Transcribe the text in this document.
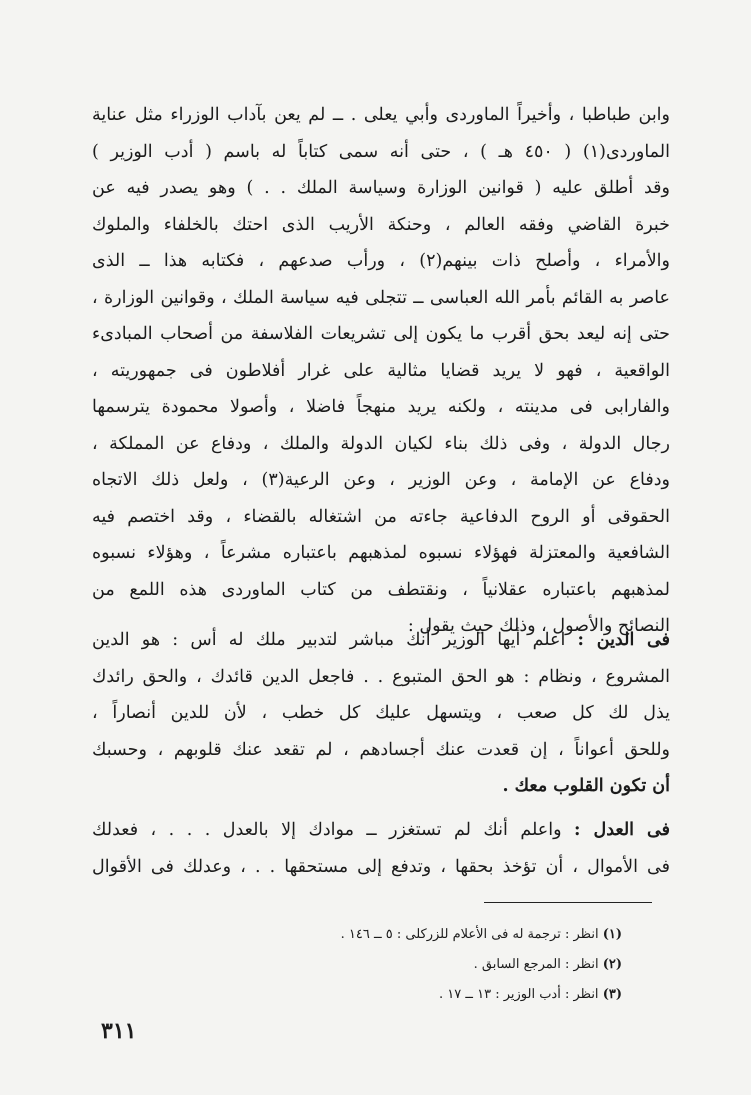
وابن طباطبا ، وأخيراً الماوردى وأبي يعلى . ــ لم يعن بآداب الوزراء مثل عناية
الماوردى(١) ( ٤٥٠ هـ ) ، حتى أنه سمى كتاباً له باسم ( أدب الوزير )
وقد أطلق عليه ( قوانين الوزارة وسياسة الملك . . ) وهو يصدر فيه عن
خبرة القاضي وفقه العالم ، وحنكة الأريب الذى احتك بالخلفاء والملوك
والأمراء ، وأصلح ذات بينهم(٢) ، ورأب صدعهم ، فكتابه هذا ــ الذى
عاصر به القائم بأمر الله العباسى ــ تتجلى فيه سياسة الملك ، وقوانين الوزارة ،
حتى إنه ليعد بحق أقرب ما يكون إلى تشريعات الفلاسفة من أصحاب المبادىء
الواقعية ، فهو لا يريد قضايا مثالية على غرار أفلاطون فى جمهوريته ،
والفارابى فى مدينته ، ولكنه يريد منهجاً فاضلا ، وأصولا محمودة يترسمها
رجال الدولة ، وفى ذلك بناء لكيان الدولة والملك ، ودفاع عن المملكة ،
ودفاع عن الإمامة ، وعن الوزير ، وعن الرعية(٣) ، ولعل ذلك الاتجاه
الحقوقى أو الروح الدفاعية جاءته من اشتغاله بالقضاء ، وقد اختصم فيه
الشافعية والمعتزلة فهؤلاء نسبوه لمذهبهم باعتباره مشرعاً ، وهؤلاء نسبوه
لمذهبهم باعتباره عقلانياً ، ونقتطف من كتاب الماوردى هذه اللمع من
النصائح والأصول ، وذلك حيث يقول :
فى الدين : اعلم أيها الوزير أنك مباشر لتدبير ملك له أس : هو الدين
المشروع ، ونظام : هو الحق المتبوع . . فاجعل الدين قائدك ، والحق رائدك
يذل لك كل صعب ، ويتسهل عليك كل خطب ، لأن للدين أنصاراً ،
وللحق أعواناً ، إن قعدت عنك أجسادهم ، لم تقعد عنك قلوبهم ، وحسبك
أن تكون القلوب معك .
فى العدل : واعلم أنك لم تستغزر ــ موادك إلا بالعدل . . . ، فعدلك
فى الأموال ، أن تؤخذ بحقها ، وتدفع إلى مستحقها . . ، وعدلك فى الأقوال
(١) انظر : ترجمة له فى الأعلام للزركلى : ٥ ــ ١٤٦ .
(٢) انظر : المرجع السابق .
(٣) انظر : أدب الوزير : ١٣ ــ ١٧ .
٣١١
